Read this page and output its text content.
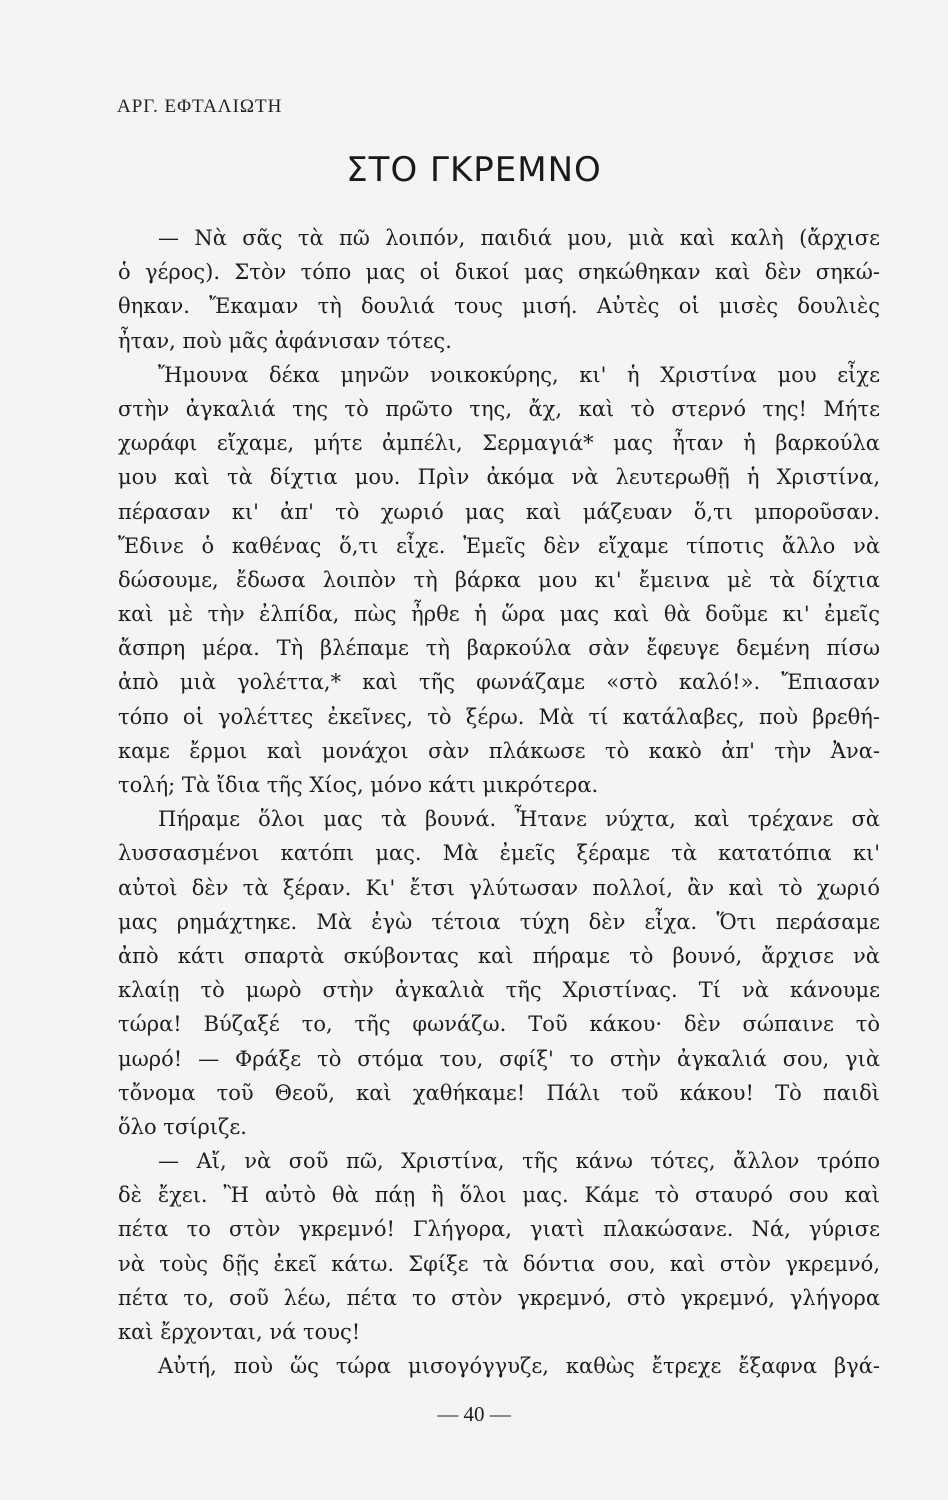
ΑΡΓ. ΕΦΤΑΛΙΩΤΗ
ΣΤΟ ΓΚΡΕΜΝΟ
— Νὰ σᾶς τὰ πῶ λοιπόν, παιδιά μου, μιὰ καὶ καλὴ (ἄρχισε
ὁ γέρος). Στὸν τόπο μας οἱ δικοί μας σηκώθηκαν καὶ δὲν σηκώ-
θηκαν. Ἔκαμαν τὴ δουλιά τους μισή. Αὐτὲς οἱ μισὲς δουλιὲς
ἦταν, ποὺ μᾶς ἀφάνισαν τότες.
Ἤμουνα δέκα μηνῶν νοικοκύρης, κι' ἡ Χριστίνα μου εἶχε
στὴν ἀγκαλιά της τὸ πρῶτο της, ἄχ, καὶ τὸ στερνό της! Μήτε
χωράφι εἴχαμε, μήτε ἀμπέλι, Σερμαγιά* μας ἦταν ἡ βαρκούλα
μου καὶ τὰ δίχτια μου. Πρὶν ἀκόμα νὰ λευτερωθῇ ἡ Χριστίνα,
πέρασαν κι' ἀπ' τὸ χωριό μας καὶ μάζευαν ὅ,τι μποροῦσαν.
Ἔδινε ὁ καθένας ὅ,τι εἶχε. Ἐμεῖς δὲν εἴχαμε τίποτις ἄλλο νὰ
δώσουμε, ἔδωσα λοιπὸν τὴ βάρκα μου κι' ἔμεινα μὲ τὰ δίχτια
καὶ μὲ τὴν ἐλπίδα, πὼς ἦρθε ἡ ὥρα μας καὶ θὰ δοῦμε κι' ἐμεῖς
ἄσπρη μέρα. Τὴ βλέπαμε τὴ βαρκούλα σὰν ἔφευγε δεμένη πίσω
ἀπὸ μιὰ γολέττα,* καὶ τῆς φωνάζαμε «στὸ καλό!». Ἔπιασαν
τόπο οἱ γολέττες ἐκεῖνες, τὸ ξέρω. Μὰ τί κατάλαβες, ποὺ βρεθή-
καμε ἔρμοι καὶ μονάχοι σὰν πλάκωσε τὸ κακὸ ἀπ' τὴν Ἀνα-
τολή; Τὰ ἴδια τῆς Χίος, μόνο κάτι μικρότερα.
Πήραμε ὅλοι μας τὰ βουνά. Ἦτανε νύχτα, καὶ τρέχανε σὰ
λυσσασμένοι κατόπι μας. Μὰ ἐμεῖς ξέραμε τὰ κατατόπια κι'
αὐτοὶ δὲν τὰ ξέραν. Κι' ἔτσι γλύτωσαν πολλοί, ἂν καὶ τὸ χωριό
μας ρημάχτηκε. Μὰ ἐγὼ τέτοια τύχη δὲν εἶχα. Ὅτι περάσαμε
ἀπὸ κάτι σπαρτὰ σκύβοντας καὶ πήραμε τὸ βουνό, ἄρχισε νὰ
κλαίῃ τὸ μωρὸ στὴν ἀγκαλιὰ τῆς Χριστίνας. Τί νὰ κάνουμε
τώρα! Βύζαξέ το, τῆς φωνάζω. Τοῦ κάκου· δὲν σώπαινε τὸ
μωρό! — Φράξε τὸ στόμα του, σφίξ' το στὴν ἀγκαλιά σου, γιὰ
τὄνομα τοῦ Θεοῦ, καὶ χαθήκαμε! Πάλι τοῦ κάκου! Τὸ παιδὶ
ὅλο τσίριζε.
— Αἴ, νὰ σοῦ πῶ, Χριστίνα, τῆς κάνω τότες, ἄλλον τρόπο
δὲ ἔχει. Ἢ αὐτὸ θὰ πάῃ ἢ ὅλοι μας. Κάμε τὸ σταυρό σου καὶ
πέτα το στὸν γκρεμνό! Γλήγορα, γιατὶ πλακώσανε. Νά, γύρισε
νὰ τοὺς δῇς ἐκεῖ κάτω. Σφίξε τὰ δόντια σου, καὶ στὸν γκρεμνό,
πέτα το, σοῦ λέω, πέτα το στὸν γκρεμνό, στὸ γκρεμνό, γλήγορα
καὶ ἔρχονται, νά τους!
Αὐτή, ποὺ ὥς τώρα μισογόγγυζε, καθὼς ἔτρεχε ἔξαφνα βγά-
— 40 —
